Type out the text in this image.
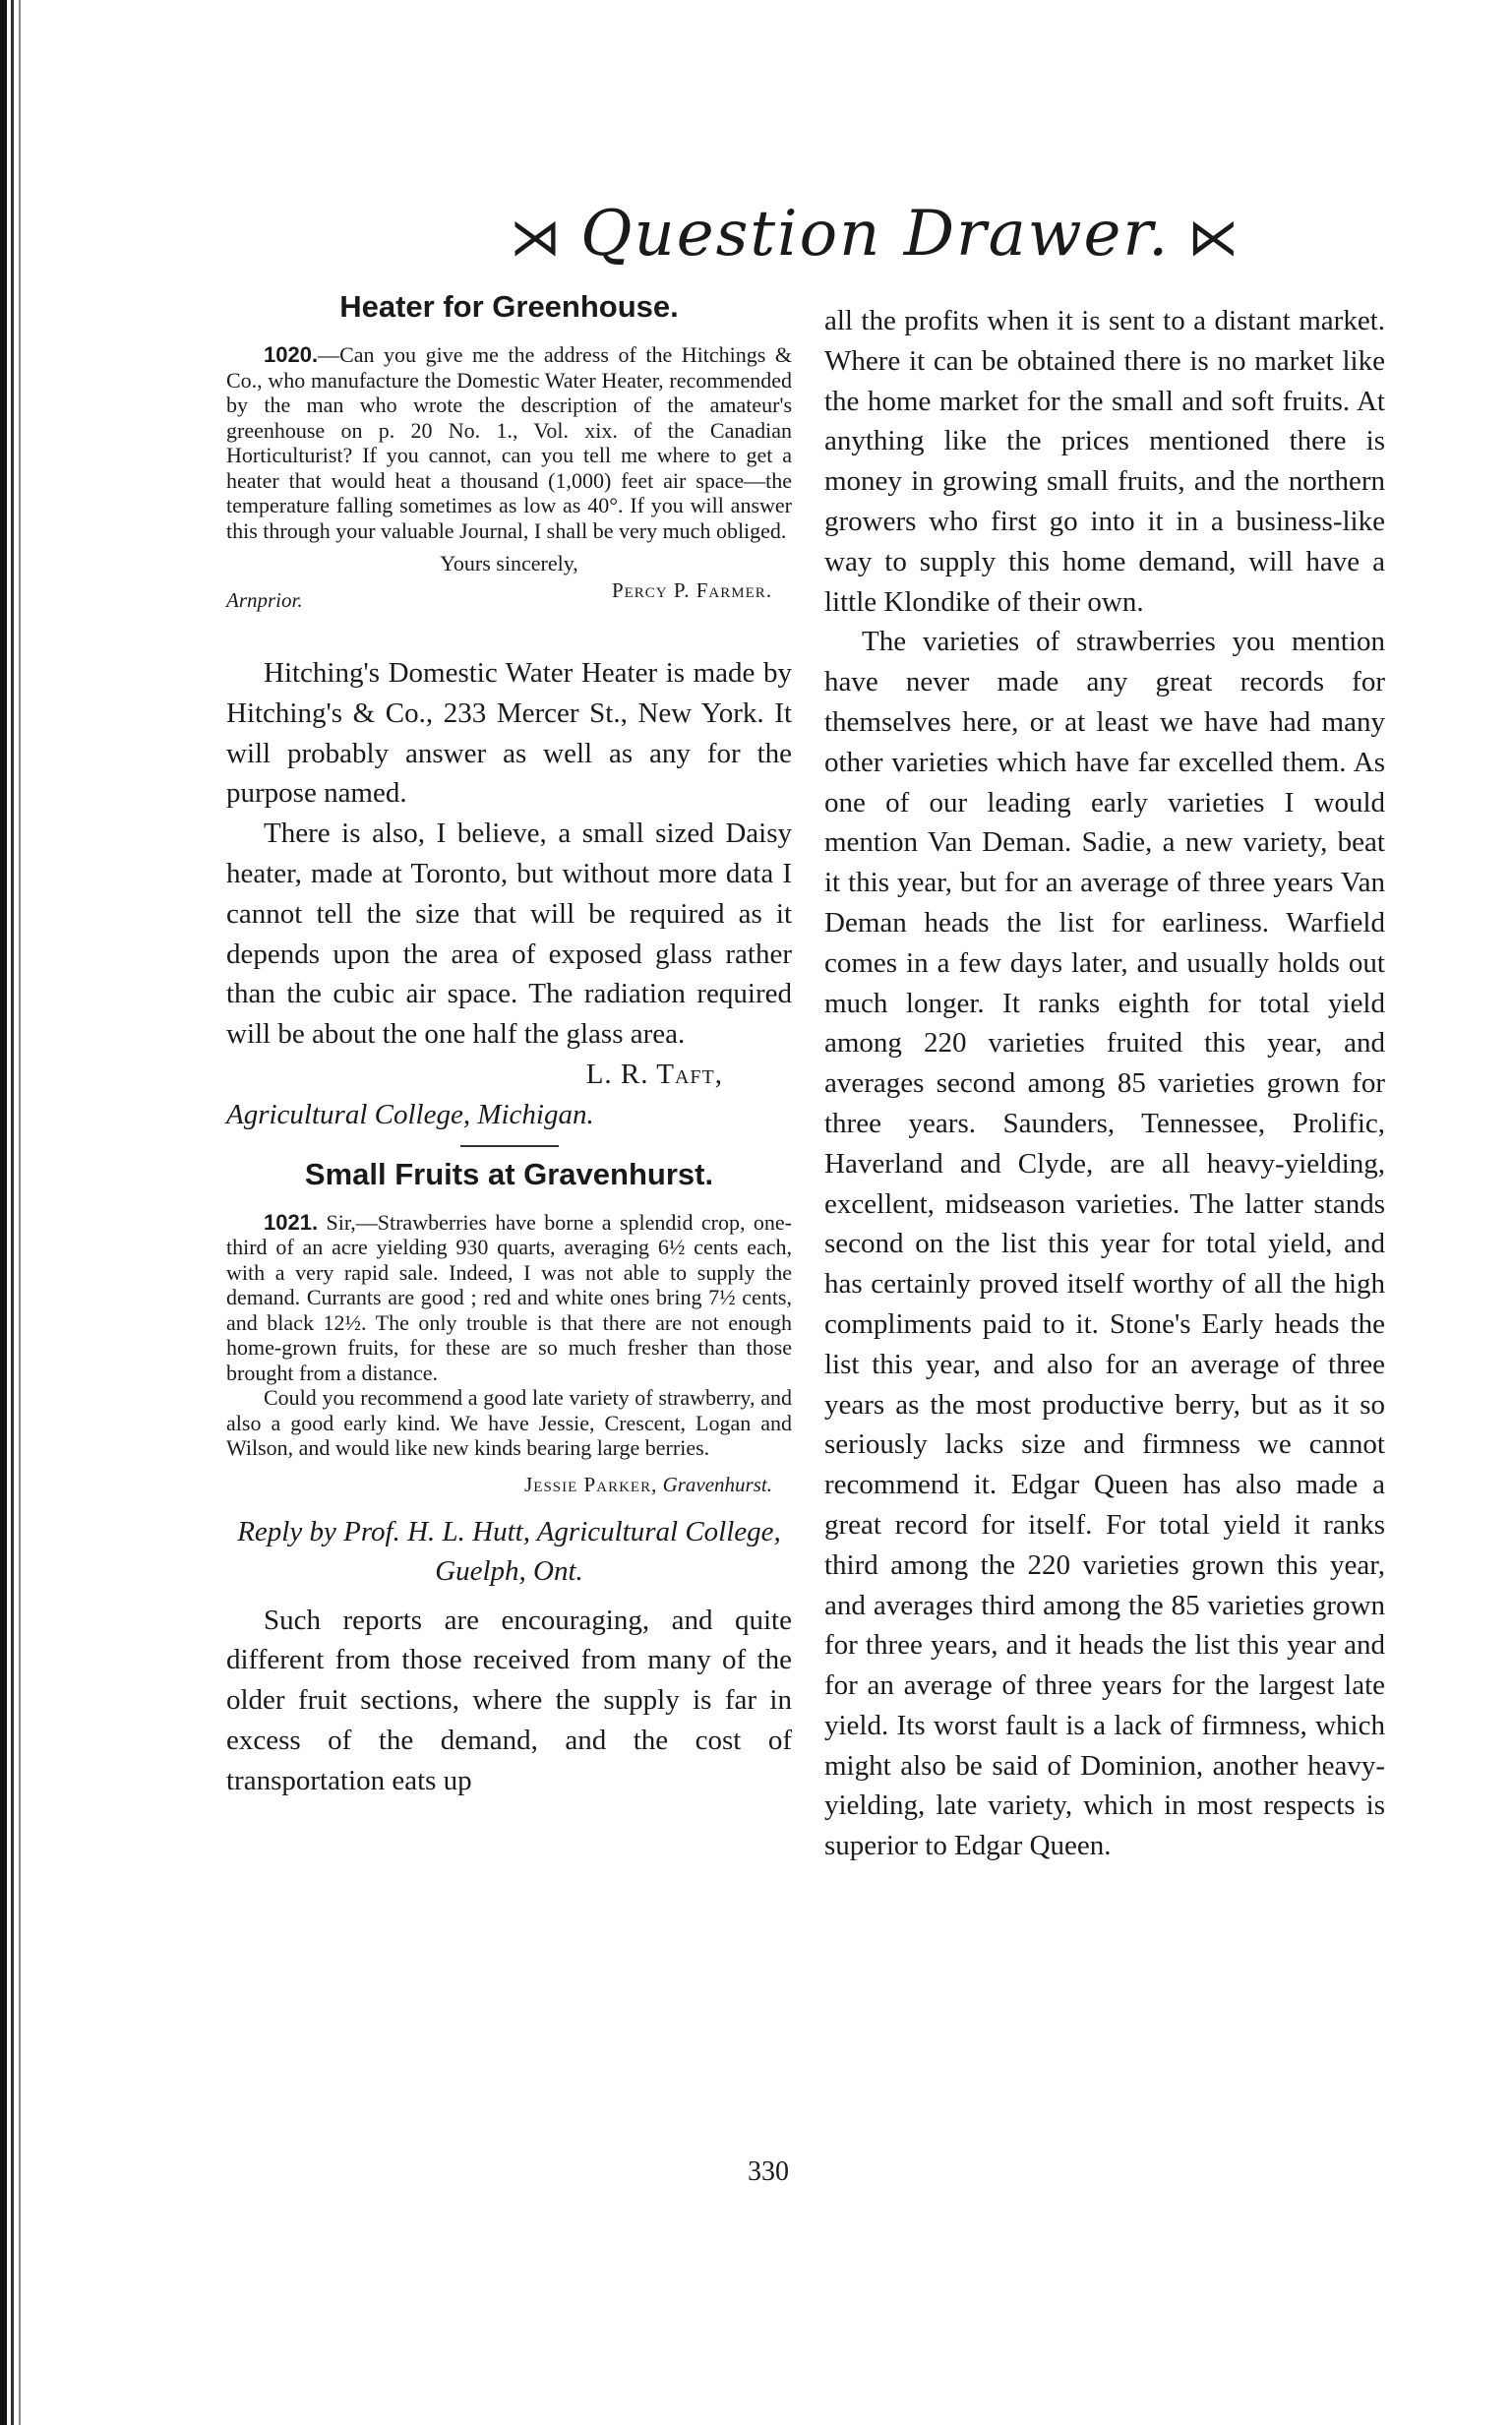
⋊ Question Drawer. ⋉
Heater for Greenhouse.

1020.—Can you give me the address of the Hitchings & Co., who manufacture the Domestic Water Heater, recommended by the man who wrote the description of the amateur's greenhouse on p. 20 No. 1., Vol. xix. of the Canadian Horticulturist? If you cannot, can you tell me where to get a heater that would heat a thousand (1,000) feet air space—the temperature falling sometimes as low as 40°. If you will answer this through your valuable Journal, I shall be very much obliged.

Yours sincerely,

Arnprior.	Percy P. Farmer.

Hitching's Domestic Water Heater is made by Hitching's & Co., 233 Mercer St., New York. It will probably answer as well as any for the purpose named.

There is also, I believe, a small sized Daisy heater, made at Toronto, but without more data I cannot tell the size that will be required as it depends upon the area of exposed glass rather than the cubic air space. The radiation required will be about the one half the glass area.

L. R. Taft,

Agricultural College, Michigan.

Small Fruits at Gravenhurst.

1021. Sir,—Strawberries have borne a splendid crop, one-third of an acre yielding 930 quarts, averaging 6½ cents each, with a very rapid sale. Indeed, I was not able to supply the demand. Currants are good ; red and white ones bring 7½ cents, and black 12½. The only trouble is that there are not enough home-grown fruits, for these are so much fresher than those brought from a distance.

Could you recommend a good late variety of strawberry, and also a good early kind. We have Jessie, Crescent, Logan and Wilson, and would like new kinds bearing large berries.

Jessie Parker,
Gravenhurst.

Reply by Prof. H. L. Hutt, Agricultural College, Guelph, Ont.

Such reports are encouraging, and quite different from those received from many of the older fruit sections, where the supply is far in excess of the demand, and the cost of transportation eats up

all the profits when it is sent to a distant market. Where it can be obtained there is no market like the home market for the small and soft fruits. At anything like the prices mentioned there is money in growing small fruits, and the northern growers who first go into it in a business-like way to supply this home demand, will have a little Klondike of their own.

The varieties of strawberries you mention have never made any great records for themselves here, or at least we have had many other varieties which have far excelled them. As one of our leading early varieties I would mention Van Deman. Sadie, a new variety, beat it this year, but for an average of three years Van Deman heads the list for earliness. Warfield comes in a few days later, and usually holds out much longer. It ranks eighth for total yield among 220 varieties fruited this year, and averages second among 85 varieties grown for three years. Saunders, Tennessee, Prolific, Haverland and Clyde, are all heavy-yielding, excellent, midseason varieties. The latter stands second on the list this year for total yield, and has certainly proved itself worthy of all the high compliments paid to it. Stone's Early heads the list this year, and also for an average of three years as the most productive berry, but as it so seriously lacks size and firmness we cannot recommend it. Edgar Queen has also made a great record for itself. For total yield it ranks third among the 220 varieties grown this year, and averages third among the 85 varieties grown for three years, and it heads the list this year and for an average of three years for the largest late yield. Its worst fault is a lack of firmness, which might also be said of Dominion, another heavy-yielding, late variety, which in most respects is superior to Edgar Queen.

330
